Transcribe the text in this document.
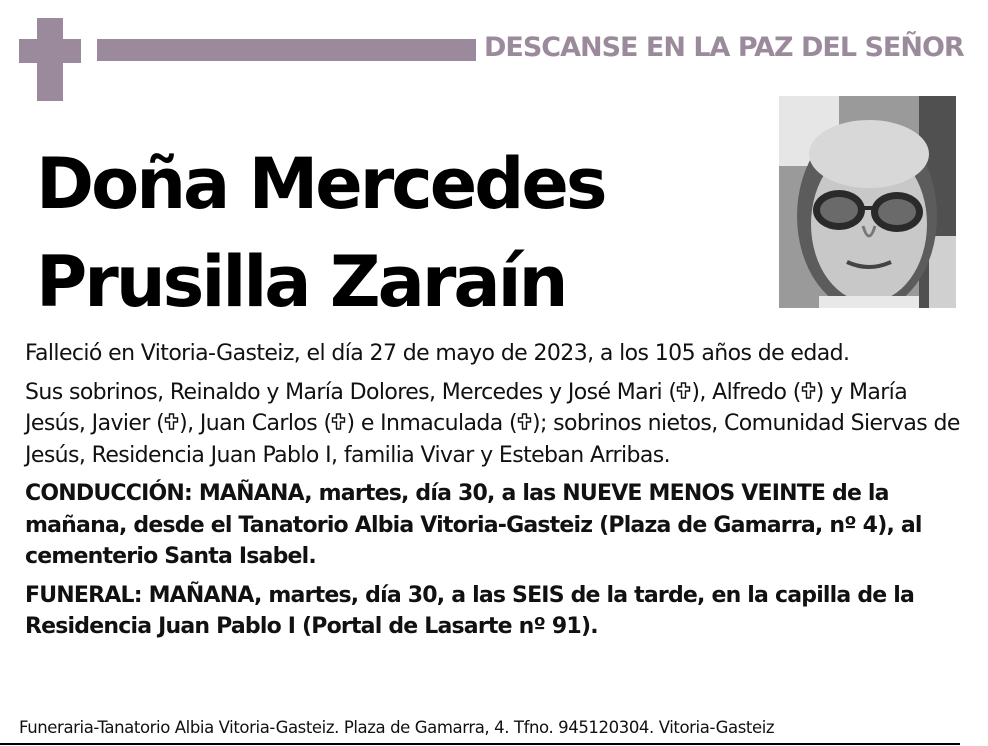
DESCANSE EN LA PAZ DEL SEÑOR
Doña Mercedes
Prusilla Zaraín

Falleció en Vitoria-Gasteiz, el día 27 de mayo de 2023, a los 105 años de edad.

Sus sobrinos, Reinaldo y María Dolores, Mercedes y José Mari ( ), Alfredo ( ) y María Jesús, Javier ( ), Juan Carlos ( ) e Inmaculada ( ); sobrinos nietos, Comunidad Siervas de Jesús, Residencia Juan Pablo I, familia Vivar y Esteban Arribas.

CONDUCCIÓN: MAÑANA, martes, día 30, a las NUEVE MENOS VEINTE de la mañana, desde el Tanatorio Albia Vitoria-Gasteiz (Plaza de Gamarra, nº 4), al cementerio Santa Isabel.

FUNERAL: MAÑANA, martes, día 30, a las SEIS de la tarde, en la capilla de la Residencia Juan Pablo I (Portal de Lasarte nº 91).

Funeraria-Tanatorio Albia Vitoria-Gasteiz. Plaza de Gamarra, 4. Tfno. 945120304. Vitoria-Gasteiz
